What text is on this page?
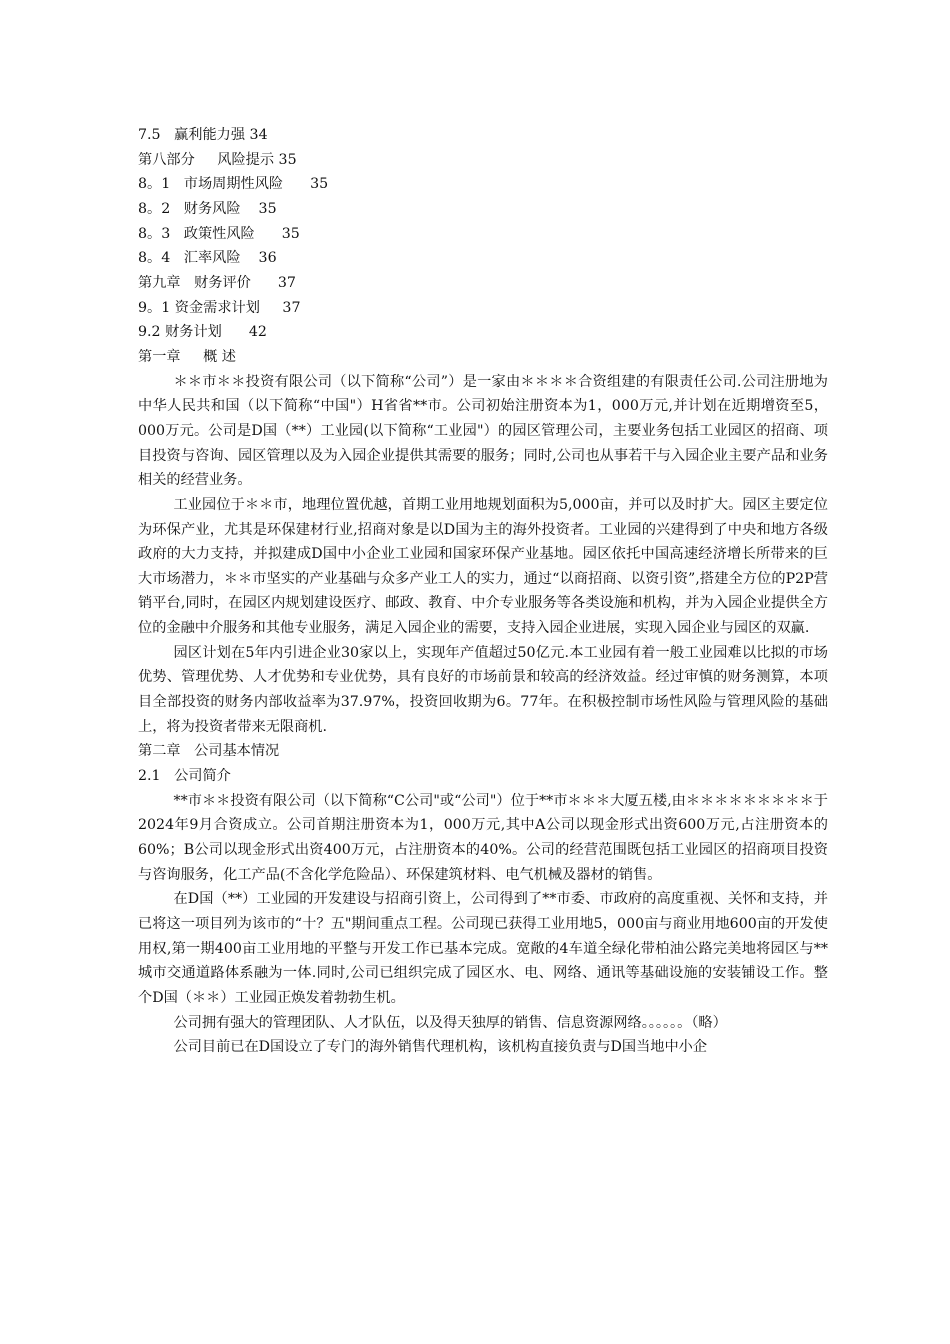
7.5   赢利能力强 34
第八部分     风险提示 35
8。1   市场周期性风险      35
8。2   财务风险    35
8。3   政策性风险      35
8。4   汇率风险    36
第九章   财务评价      37
9。1 资金需求计划     37
9.2 财务计划      42
第一章     概 述

＊＊市＊＊投资有限公司（以下简称“公司”）是一家由＊＊＊＊合资组建的有限责任公司.公司注册地为中华人民共和国（以下简称“中国"）H省省**市。公司初始注册资本为1，000万元,并计划在近期增资至5，000万元。公司是D国（**）工业园(以下简称“工业园"）的园区管理公司，主要业务包括工业园区的招商、项目投资与咨询、园区管理以及为入园企业提供其需要的服务；同时,公司也从事若干与入园企业主要产品和业务相关的经营业务。

工业园位于＊＊市，地理位置优越，首期工业用地规划面积为5,000亩，并可以及时扩大。园区主要定位为环保产业，尤其是环保建材行业,招商对象是以D国为主的海外投资者。工业园的兴建得到了中央和地方各级政府的大力支持，并拟建成D国中小企业工业园和国家环保产业基地。园区依托中国高速经济增长所带来的巨大市场潜力，＊＊市坚实的产业基础与众多产业工人的实力，通过“以商招商、以资引资”,搭建全方位的P2P营销平台,同时，在园区内规划建设医疗、邮政、教育、中介专业服务等各类设施和机构，并为入园企业提供全方位的金融中介服务和其他专业服务，满足入园企业的需要，支持入园企业进展，实现入园企业与园区的双赢.

园区计划在5年内引进企业30家以上，实现年产值超过50亿元.本工业园有着一般工业园难以比拟的市场优势、管理优势、人才优势和专业优势，具有良好的市场前景和较高的经济效益。经过审慎的财务测算，本项目全部投资的财务内部收益率为37.97%，投资回收期为6。77年。在积极控制市场性风险与管理风险的基础上，将为投资者带来无限商机.

第二章   公司基本情况
2.1   公司简介

**市＊＊投资有限公司（以下简称“C公司"或“公司"）位于**市＊＊＊大厦五楼,由＊＊＊＊＊＊＊＊＊于2024年9月合资成立。公司首期注册资本为1，000万元,其中A公司以现金形式出资600万元,占注册资本的60%；B公司以现金形式出资400万元，占注册资本的40%。公司的经营范围既包括工业园区的招商项目投资与咨询服务，化工产品(不含化学危险品）、环保建筑材料、电气机械及器材的销售。

在D国（**）工业园的开发建设与招商引资上，公司得到了**市委、市政府的高度重视、关怀和支持，并已将这一项目列为该市的“十？五"期间重点工程。公司现已获得工业用地5，000亩与商业用地600亩的开发使用权,第一期400亩工业用地的平整与开发工作已基本完成。宽敞的4车道全绿化带柏油公路完美地将园区与**城市交通道路体系融为一体.同时,公司已组织完成了园区水、电、网络、通讯等基础设施的安装铺设工作。整个D国（＊＊）工业园正焕发着勃勃生机。

公司拥有强大的管理团队、人才队伍，以及得天独厚的销售、信息资源网络。。。。。。（略）

公司目前已在D国设立了专门的海外销售代理机构，该机构直接负责与D国当地中小企
